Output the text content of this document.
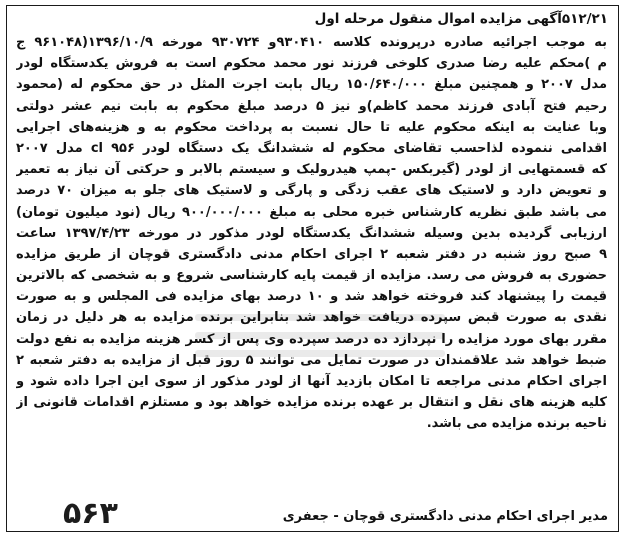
۵۱۲/۲۱آگهی مزایده اموال منقول مرحله اول
به موجب اجرائیه صادره درپرونده کلاسه ۹۳۰۴۱۰و ۹۳۰۷۲۴ مورخه ۱۳۹۶/۱۰/۹(۹۶۱۰۴۸ ج
م )محکم علیه رضا صدری کلوخی فرزند نور محمد محکوم است به فروش یکدستگاه لودر
مدل ۲۰۰۷ و همچنین مبلغ ۱۵۰/۶۴۰/۰۰۰ ریال بابت اجرت المثل در حق محکوم له (محمود
رحیم فتح آبادی فرزند محمد کاظم)و نیز ۵ درصد مبلغ محکوم به بابت نیم عشر دولتی
وبا عنایت به اینکه محکوم علیه تا حال نسبت به پرداخت محکوم به و هزینه‌های اجرایی
اقدامی ننموده لذاحسب تقاضای محکوم له ششدانگ یک دستگاه لودر cl ۹۵۶ مدل ۲۰۰۷
که قسمتهایی از لودر (گیربکس -پمپ هیدرولیک و سیستم بالابر و حرکتی آن نیاز به تعمیر
و تعویض دارد و لاستیک های عقب زدگی و پارگی و لاستیک های جلو به میزان ۷۰ درصد
می باشد طبق نظریه کارشناس خبره محلی به مبلغ ۹۰۰/۰۰۰/۰۰۰ ریال (نود میلیون تومان)
ارزیابی گردیده بدین وسیله ششدانگ یکدستگاه لودر مذکور در مورخه ۱۳۹۷/۴/۲۳ ساعت
۹ صبح روز شنبه در دفتر شعبه ۲ اجرای احکام مدنی دادگستری قوچان از طریق مزایده
حضوری به فروش می رسد. مزایده از قیمت پایه کارشناسی شروع و به شخصی که بالاترین
قیمت را پیشنهاد کند فروخته خواهد شد و ۱۰ درصد بهای مزایده فی المجلس و به صورت
نقدی به صورت قبض سپرده دریافت خواهد شد بنابراین برنده مزایده به هر دلیل در زمان
مقرر بهای مورد مزایده را نپردازد ده درصد سپرده وی پس از کسر هزینه مزایده به نفع دولت
ضبط خواهد شد علاقمندان در صورت تمایل می توانند ۵ روز قبل از مزایده به دفتر شعبه ۲
اجرای احکام مدنی مراجعه تا امکان بازدید آنها از لودر مذکور از سوی این اجرا داده شود و
کلیه هزینه های نقل و انتقال بر عهده برنده مزایده خواهد بود و مستلزم اقدامات قانونی از
ناحیه برنده مزایده می باشد.
مدیر اجرای احکام مدنی دادگستری قوچان - جعفری
۵۶۳
